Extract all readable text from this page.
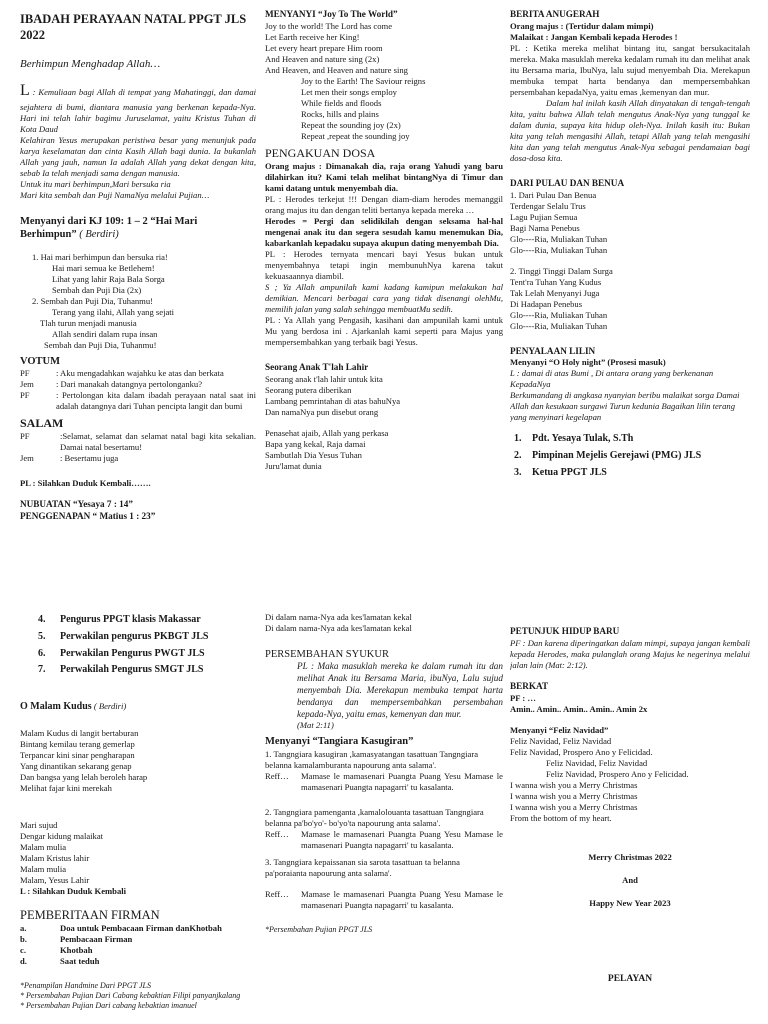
IBADAH PERAYAAN NATAL PPGT JLS 2022
Berhimpun Menghadap Allah…
L : Kemuliaan bagi Allah di tempat yang Mahatinggi, dan damai sejahtera di bumi, diantara manusia yang berkenan kepada-Nya. Hari ini telah lahir bagimu Juruselamat, yaitu Kristus Tuhan di Kota Daud
Kelahiran Yesus merupakan peristiwa besar yang menunjuk pada karya keselamatan dan cinta Kasih Allah bagi dunia. Ia bukanlah Allah yang jauh, namun Ia adalah Allah yang dekat dengan kita, sebab Ia telah menjadi sama dengan manusia.
Untuk itu mari berhimpun,Mari bersuka ria
Mari kita sembah dan Puji NamaNya melalui Pujian…
Menyanyi dari KJ 109: 1 – 2 “Hai Mari Berhimpun” ( Berdiri)
1. Hai mari berhimpun dan bersuka ria!
Hai mari semua ke Betlehem!
Lihat yang lahir Raja Bala Sorga
Sembah dan Puji Dia (2x)
2. Sembah dan Puji Dia, Tuhanmu!
Terang yang ilahi, Allah yang sejati
Tlah turun menjadi manusia
Allah sendiri dalam rupa insan
Sembah dan Puji Dia, Tuhanmu!
VOTUM
PF	: Aku mengadahkan wajahku ke atas dan berkata
Jem	: Dari manakah datangnya pertolonganku?
PF	: Pertolongan kita dalam ibadah perayaan natal saat ini adalah datangnya dari Tuhan pencipta langit dan bumi
SALAM
PF	:Selamat, selamat dan selamat natal bagi kita sekalian. Damai natal besertamu!
Jem	: Besertamu juga
PL : Silahkan Duduk Kembali…….
NUBUATAN “Yesaya 7 : 14”
PENGGENAPAN “ Matius 1 : 23”
MENYANYI “Joy To The World”
Joy to the world! The Lord has come
Let Earth receive her King!
Let every heart prepare Him room
And Heaven and nature sing (2x)
And Heaven, and Heaven and nature sing
Joy to the Earth! The Saviour reigns
Let men their songs employ
While fields and floods
Rocks, hills and plains
Repeat the sounding joy (2x)
Repeat ,repeat the sounding joy
PENGAKUAN DOSA
Orang majus : Dimanakah dia, raja orang Yahudi yang baru dilahirkan itu? Kami telah melihat bintangNya di Timur dan kami datang untuk menyembah dia.
PL : Herodes terkejut !!! Dengan diam-diam herodes memanggil orang majus itu dan dengan teliti bertanya kepada mereka …
Herodes = Pergi dan selidikilah dengan seksama hal-hal mengenai anak itu dan segera sesudah kamu menemukan Dia, kabarkanlah kepadaku supaya akupun dating menyembah Dia.
PL : Herodes ternyata mencari bayi Yesus bukan untuk menyembahnya tetapi ingin membunuhNya karena takut kekuasaannya diambil.
S ; Ya Allah ampunilah kami kadang kamipun melakukan hal demikian. Mencari berbagai cara yang tidak disenangi olehMu, memilih jalan yang salah sehingga membuatMu sedih.
PL : Ya Allah yang Pengasih, kasihani dan ampunilah kami untuk Mu yang berdosa ini . Ajarkanlah kami seperti para Majus yang mempersembahkan yang terbaik bagi Yesus.
Seorang Anak T'lah Lahir
Seorang anak t'lah lahir untuk kita
Seorang putera diberikan
Lambang pemrintahan di atas bahuNya
Dan namaNya pun disebut orang
Penasehat ajaib, Allah yang perkasa
Bapa yang kekal, Raja damai
Sambutlah Dia Yesus Tuhan
Juru'lamat dunia
BERITA ANUGERAH
Orang majus : (Tertidur dalam mimpi)
Malaikat : Jangan Kembali kepada Herodes !
PL : Ketika mereka melihat bintang itu, sangat bersukacitalah mereka. Maka masuklah mereka kedalam rumah itu dan melihat anak itu Bersama maria, IbuNya, lalu sujud menyembah Dia. Merekapun membuka tempat harta bendanya dan mempersembahkan persembahan kepadaNya, yaitu emas ,kemenyan dan mur.
Dalam hal inilah kasih Allah dinyatakan di tengah-tengah kita, yaitu bahwa Allah telah mengutus Anak-Nya yang tunggal ke dalam dunia, supaya kita hidup oleh-Nya. Inilah kasih itu: Bukan kita yang telah mengasihi Allah, tetapi Allah yang telah mengasihi kita dan yang telah mengutus Anak-Nya sebagai pendamaian bagi dosa-dosa kita.
DARI PULAU DAN BENUA
1. Dari Pulau Dan Benua
Terdengar Selalu Trus
Lagu Pujian Semua
Bagi Nama Penebus
Glo----Ria, Muliakan Tuhan
Glo----Ria, Muliakan Tuhan
2. Tinggi Tinggi Dalam Surga
Tent'ra Tuhan Yang Kudus
Tak Lelah Menyanyi Juga
Di Hadapan Penebus
Glo----Ria, Muliakan Tuhan
Glo----Ria, Muliakan Tuhan
PENYALAAN LILIN
Menyanyi “O Holy night” (Prosesi masuk)
L : damai di atas Bumi , Di antara orang yang berkenanan KepadaNya
Berkumandang di angkasa nyanyian beribu malaikat sorga Damai Allah dan kesukaan surgawi Turun kedunia Bagaikan lilin terang yang menyinari kegelapan
1.	Pdt. Yesaya Tulak, S.Th
2.	Pimpinan Mejelis Gerejawi (PMG) JLS
3.	Ketua PPGT JLS
4.	Pengurus PPGT klasis Makassar
5.	Perwakilan pengurus PKBGT JLS
6.	Perwakilan Pengurus PWGT JLS
7.	Perwakilah Pengurus SMGT JLS
O Malam Kudus ( Berdiri)
Malam Kudus di langit bertaburan
Bintang kemilau terang gemerlap
Terpancar kini sinar pengharapan
Yang dinantikan sekarang genap
Dan bangsa yang lelah beroleh harap
Melihat fajar kini merekah
Mari sujud
Dengar kidung malaikat
Malam mulia
Malam Kristus lahir
Malam mulia
Malam, Yesus Lahir
L : Silahkan Duduk Kembali
PEMBERITAAN FIRMAN
a.	Doa untuk Pembacaan Firman danKhotbah
b.	Pembacaan Firman
c.	Khotbah
d.	Saat teduh
*Penampilan Handmine Dari PPGT JLS
* Persembahan Pujian Dari Cabang kebaktian Filipi panyanjkalang
* Persembahan Pujian Dari cabang kebaktian imanuel
Di dalam nama-Nya ada kes'lamatan kekal
Di dalam nama-Nya ada kes'lamatan kekal
PERSEMBAHAN SYUKUR
PL : Maka masuklah mereka ke dalam rumah itu dan melihat Anak itu Bersama Maria, ibuNya, Lalu sujud menyembah Dia. Merekapun membuka tempat harta bendanya dan mempersembahkan persembahan kepada-Nya, yaitu emas, kemenyan dan mur.
(Mat 2:11)
Menyanyi “Tangiara Kasugiran”
1. Tangngiara kasugiran ,kamasyatangan tasattuan Tangngiara belanna kamalamburanta napourung anta salama'.
Reff…	Mamase le mamasenari Puangta Puang Yesu Mamase le mamasenari Puangta napagarri' tu kasalanta.
2. Tangngiara pamenganta ,kamalolouanta tasattuan Tangngiara belanna pa'bo'yo'- bo'yo'ta napourung anta salama'.
Reff…	Mamase le mamasenari Puangta Puang Yesu Mamase le mamasenari Puangta napagarri' tu kasalanta.
3. Tangngiara kepaissanan sia sarota tasattuan ta belanna pa'poraianta napourung anta salama'.
Reff…	Mamase le mamasenari Puangta Puang Yesu Mamase le mamasenari Puangta napagarri' tu kasalanta.
*Persembahan Pujian PPGT JLS
PETUNJUK HIDUP BARU
PF : Dan karena diperingatkan dalam mimpi, supaya jangan kembali kepada Herodes, maka pulanglah orang Majus ke negerinya melalui jalan lain (Mat: 2:12).
BERKAT
PF : …
Amin.. Amin.. Amin.. Amin.. Amin 2x
Menyanyi “Feliz Navidad”
Feliz Navidad, Feliz Navidad
Feliz Navidad, Prospero Ano y Felicidad.
Feliz Navidad, Feliz Navidad
Feliz Navidad, Prospero Ano y Felicidad.
I wanna wish you a Merry Christmas
I wanna wish you a Merry Christmas
I wanna wish you a Merry Christmas
From the bottom of my heart.
Merry Christmas 2022
And
Happy New Year 2023
PELAYAN
